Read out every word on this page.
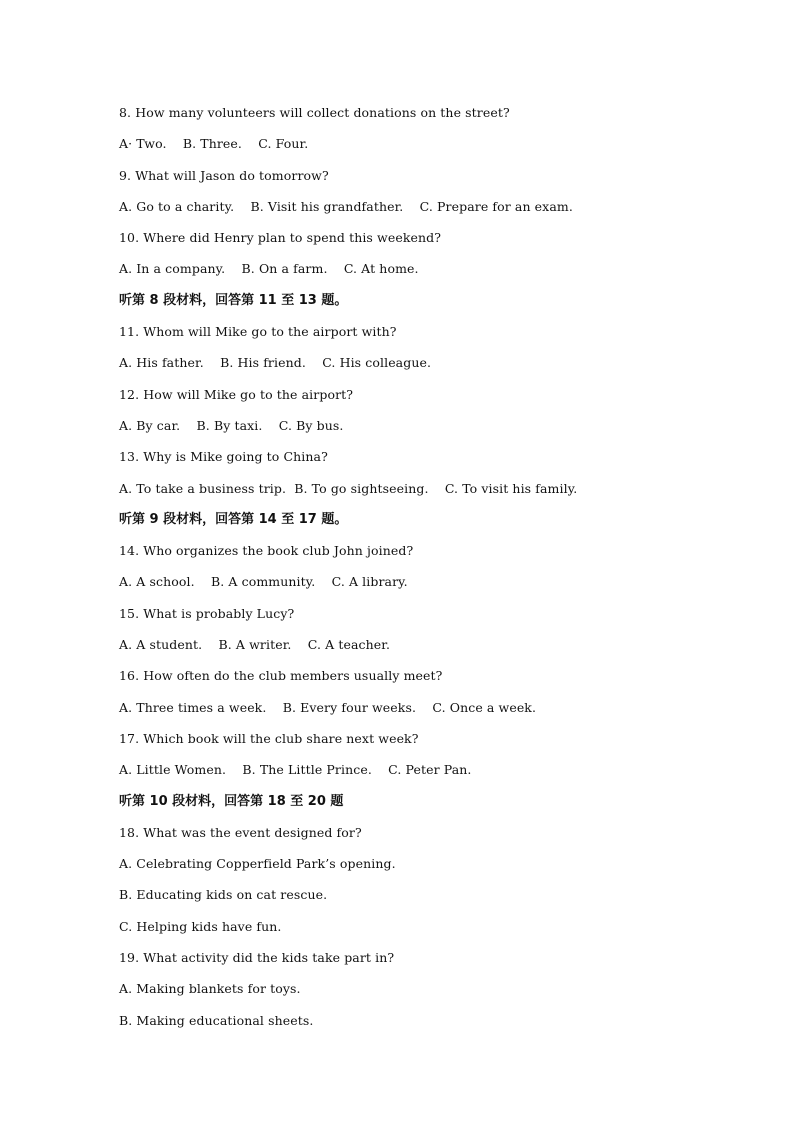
8. How many volunteers will collect donations on the street?
A· Two.    B. Three.    C. Four.
9. What will Jason do tomorrow?
A. Go to a charity.    B. Visit his grandfather.    C. Prepare for an exam.
10. Where did Henry plan to spend this weekend?
A. In a company.    B. On a farm.    C. At home.
听第 8 段材料，回答第 11 至 13 题。
11. Whom will Mike go to the airport with?
A. His father.    B. His friend.    C. His colleague.
12. How will Mike go to the airport?
A. By car.    B. By taxi.    C. By bus.
13. Why is Mike going to China?
A. To take a business trip.  B. To go sightseeing.    C. To visit his family.
听第 9 段材料，回答第 14 至 17 题。
14. Who organizes the book club John joined?
A. A school.    B. A community.    C. A library.
15. What is probably Lucy?
A. A student.    B. A writer.    C. A teacher.
16. How often do the club members usually meet?
A. Three times a week.    B. Every four weeks.    C. Once a week.
17. Which book will the club share next week?
A. Little Women.    B. The Little Prince.    C. Peter Pan.
听第 10 段材料，回答第 18 至 20 题
18. What was the event designed for?
A. Celebrating Copperfield Park’s opening.
B. Educating kids on cat rescue.
C. Helping kids have fun.
19. What activity did the kids take part in?
A. Making blankets for toys.
B. Making educational sheets.
